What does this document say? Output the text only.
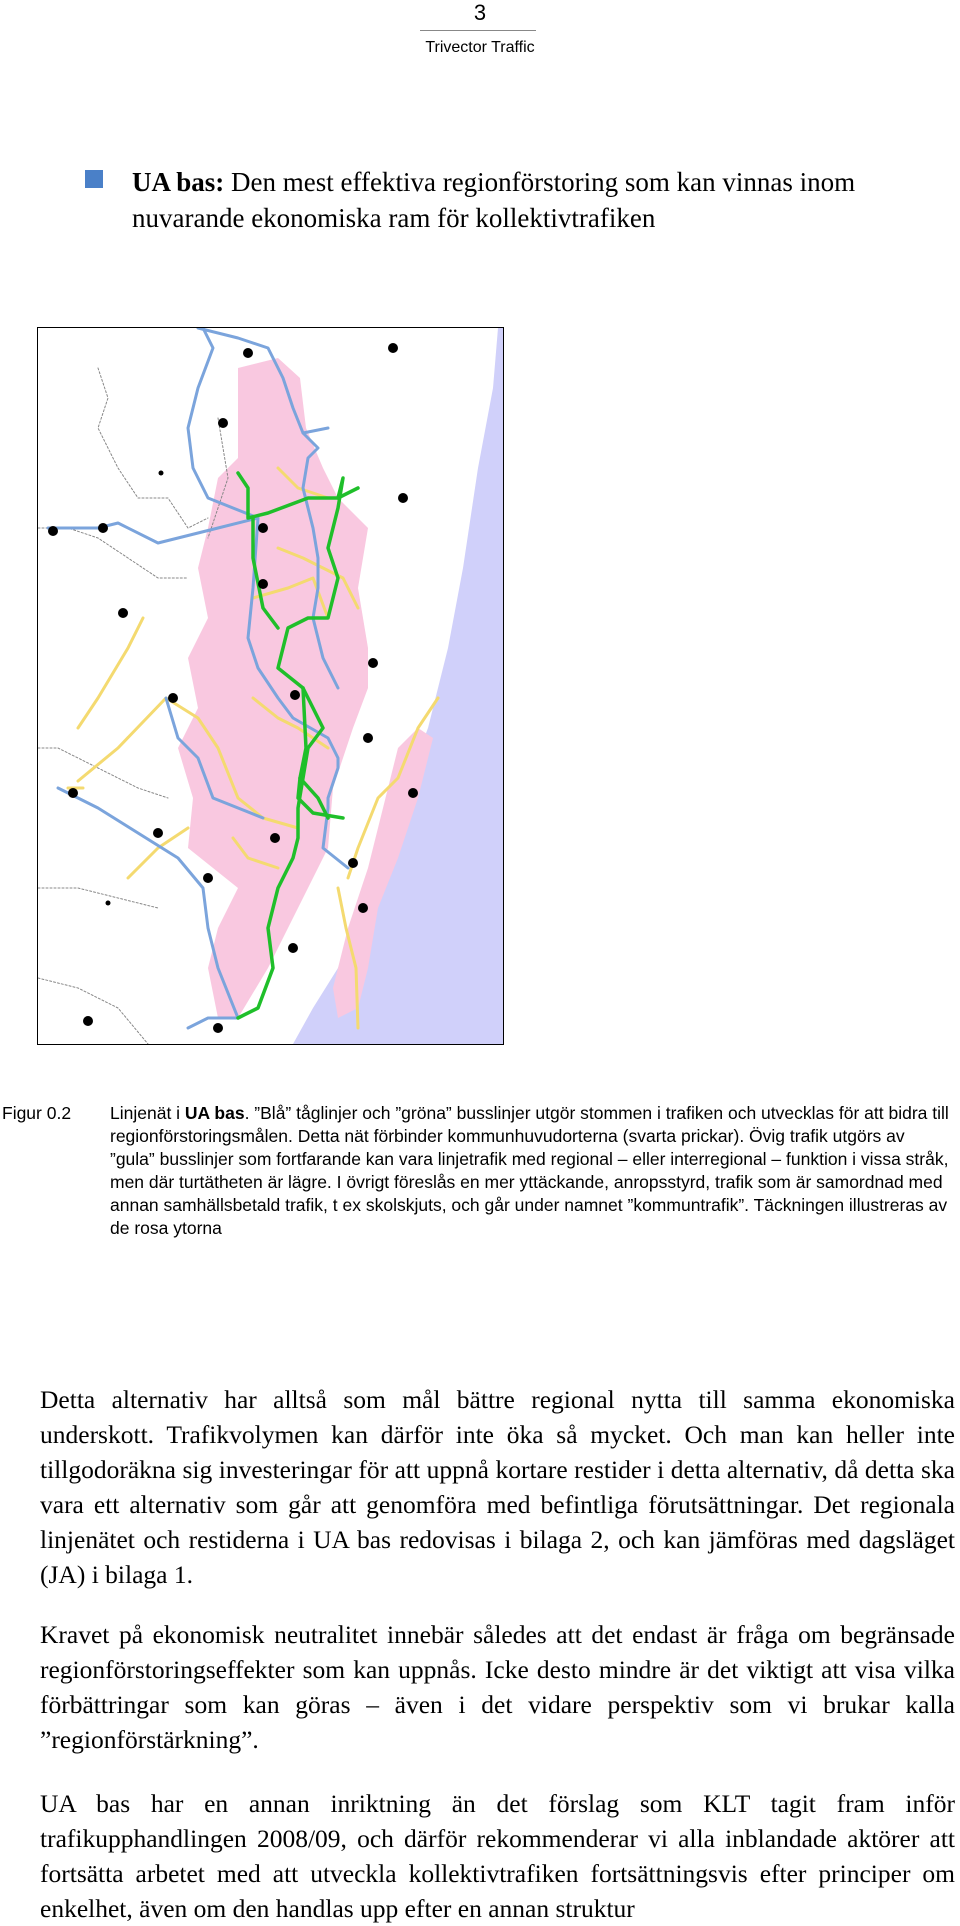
3
Trivector Traffic
UA bas: Den mest effektiva regionförstoring som kan vinnas inom nuvarande ekonomiska ram för kollektivtrafiken
Figur 0.2 Linjenät i UA bas. ”Blå” tåglinjer och ”gröna” busslinjer utgör stommen i trafiken och utvecklas för att bidra till regionförstoringsmålen. Detta nät förbinder kommunhuvudorterna (svarta prickar). Övig trafik utgörs av ”gula” busslinjer som fortfarande kan vara linjetrafik med regional – eller interregional – funktion i vissa stråk, men där turtätheten är lägre. I övrigt föreslås en mer yttäckande, anropsstyrd, trafik som är samordnad med annan samhällsbetald trafik, t ex skolskjuts, och går under namnet ”kommuntrafik”. Täckningen illustreras av de rosa ytorna

Detta alternativ har alltså som mål bättre regional nytta till samma ekonomiska underskott. Trafikvolymen kan därför inte öka så mycket. Och man kan heller inte tillgodoräkna sig investeringar för att uppnå kortare restider i detta alternativ, då detta ska vara ett alternativ som går att genomföra med befintliga förutsättningar. Det regionala linjenätet och restiderna i UA bas redovisas i bilaga 2, och kan jämföras med dagsläget (JA) i bilaga 1.

Kravet på ekonomisk neutralitet innebär således att det endast är fråga om begränsade regionförstoringseffekter som kan uppnås. Icke desto mindre är det viktigt att visa vilka förbättringar som kan göras – även i det vidare perspektiv som vi brukar kalla ”regionförstärkning”.

UA bas har en annan inriktning än det förslag som KLT tagit fram inför trafikupphandlingen 2008/09, och därför rekommenderar vi alla inblandade aktörer att fortsätta arbetet med att utveckla kollektivtrafiken fortsättningsvis efter principer om enkelhet, även om den handlas upp efter en annan struktur
